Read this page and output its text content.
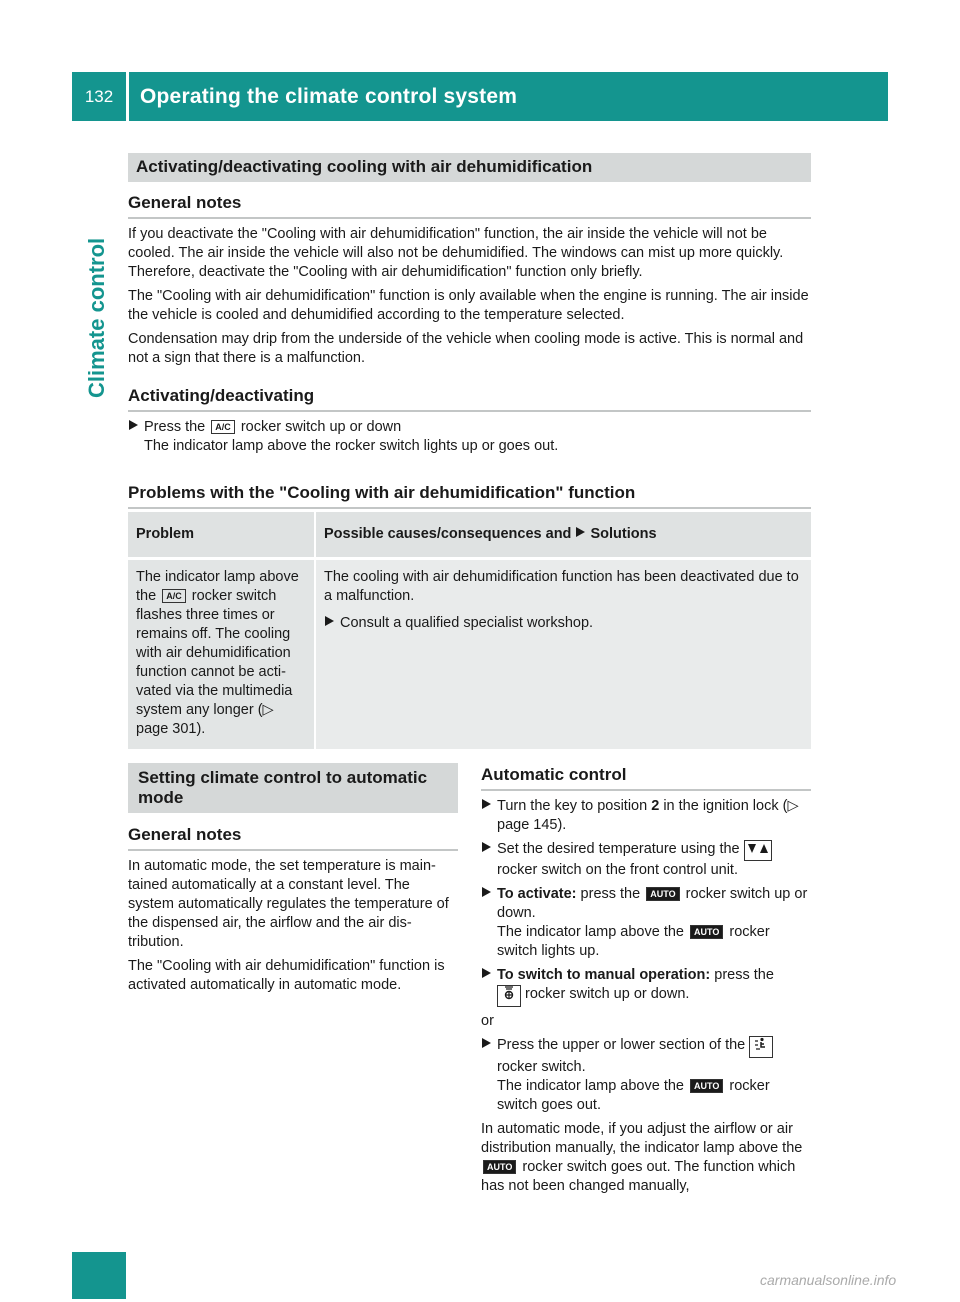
132	Operating the climate control system
Climate control
Activating/deactivating cooling with air dehumidification
General notes

If you deactivate the "Cooling with air dehumidification" function, the air inside the vehicle will not be cooled. The air inside the vehicle will also not be dehumidified. The windows can mist up more quickly. Therefore, deactivate the "Cooling with air dehumidification" function only briefly.

The "Cooling with air dehumidification" function is only available when the engine is running. The air inside the vehicle is cooled and dehumidified according to the temperature selected.

Condensation may drip from the underside of the vehicle when cooling mode is active. This is normal and not a sign that there is a malfunction.

Activating/deactivating
Press the A/C rocker switch up or down
The indicator lamp above the rocker switch lights up or goes out.
Problems with the "Cooling with air dehumidification" function
Problem	Possible causes/consequences and Solutions
The indicator lamp above the A/C rocker switch flashes three times or remains off. The cooling with air dehumidification function cannot be acti-vated via the multimedia system any longer (▷ page 301).	The cooling with air dehumidification function has been deactivated due to a malfunction.
Consult a qualified specialist workshop.
Setting climate control to automatic mode
General notes

In automatic mode, the set temperature is main-tained automatically at a constant level. The system automatically regulates the temperature of the dispensed air, the airflow and the air dis-tribution.

The "Cooling with air dehumidification" function is activated automatically in automatic mode.

Automatic control
Turn the key to position 2 in the ignition lock (▷ page 145).
Set the desired temperature using the  rocker switch on the front control unit.
To activate: press the AUTO rocker switch up or down.
The indicator lamp above the AUTO rocker switch lights up.
To switch to manual operation: press the
rocker switch up or down.
or
Press the upper or lower section of the
rocker switch.
The indicator lamp above the AUTO rocker switch goes out.

In automatic mode, if you adjust the airflow or air distribution manually, the indicator lamp above the AUTO rocker switch goes out. The function which has not been changed manually,

carmanualsonline.info
